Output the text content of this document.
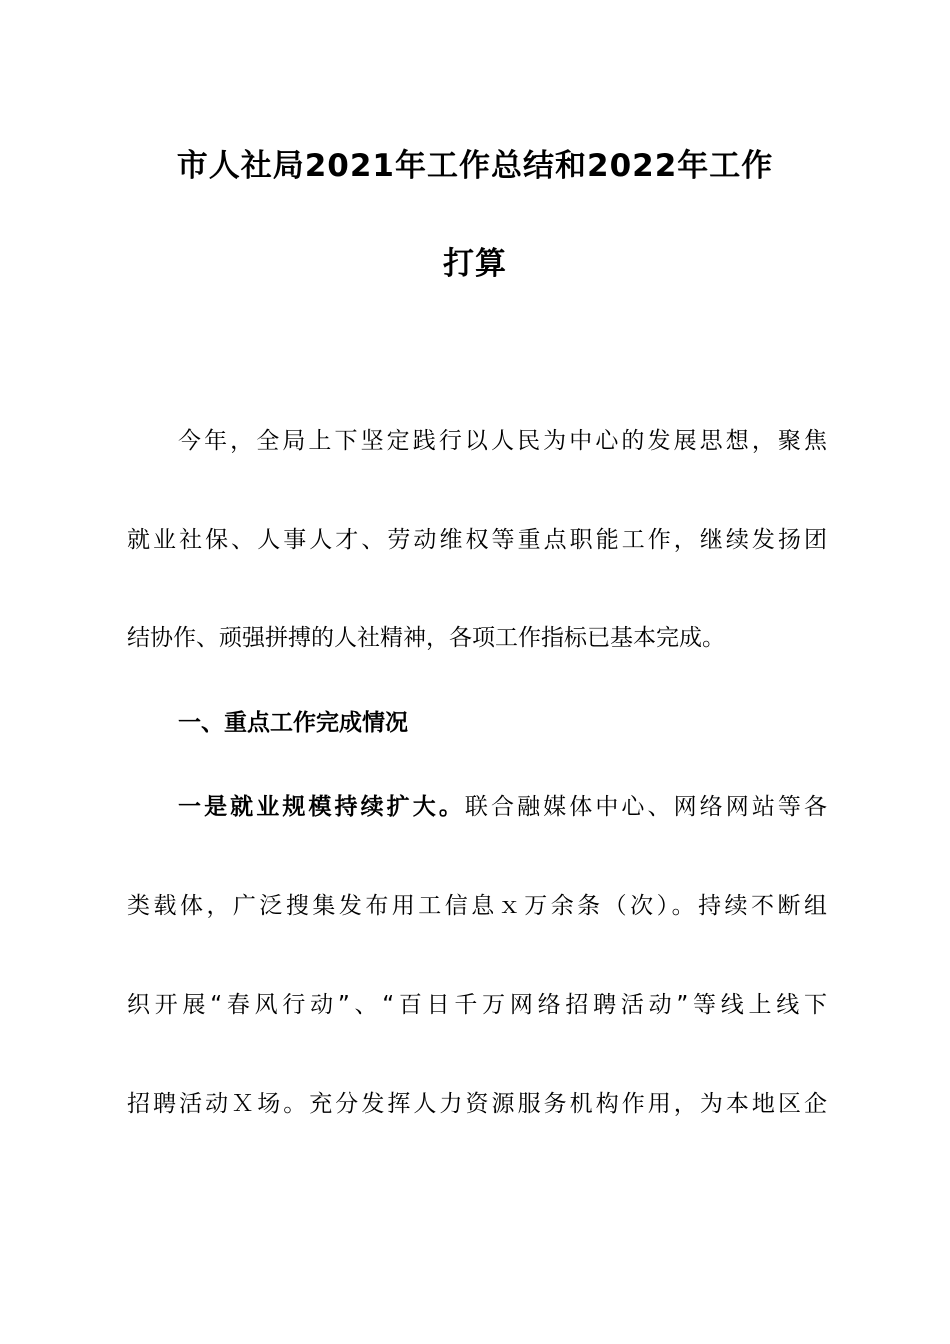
市人社局2021年工作总结和2022年工作
打算
今年，全局上下坚定践行以人民为中心的发展思想，聚焦
就业社保、人事人才、劳动维权等重点职能工作，继续发扬团
结协作、顽强拼搏的人社精神，各项工作指标已基本完成。
一、重点工作完成情况
一是就业规模持续扩大。联合融媒体中心、网络网站等各
类载体，广泛搜集发布用工信息ｘ万余条（次）。持续不断组
织开展“春风行动”、“百日千万网络招聘活动”等线上线下
招聘活动Ｘ场。充分发挥人力资源服务机构作用，为本地区企
